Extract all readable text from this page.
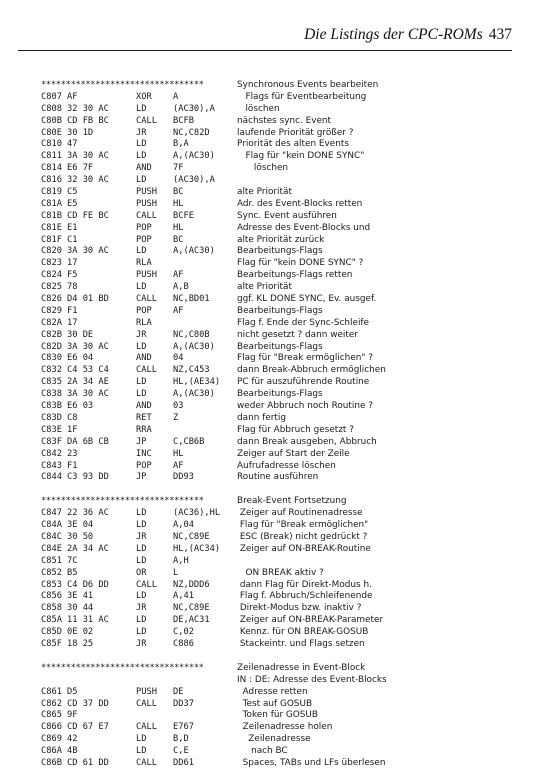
Die Listings der CPC-ROMs 437
*********************************	Synchronous Events bearbeiten
C807 AF	XOR	A	Flags für Eventbearbeitung
C808 32 30 AC	LD	(AC30),A	löschen
C80B CD FB BC	CALL	BCFB	nächstes sync. Event
C80E 30 1D	JR	NC,C82D	laufende Priorität größer ?
C810 47	LD	B,A	Priorität des alten Events
C811 3A 30 AC	LD	A,(AC30)	Flag für "kein DONE SYNC"
C814 E6 7F	AND	7F	löschen
C816 32 30 AC	LD	(AC30),A
C819 C5	PUSH	BC	alte Priorität
C81A E5	PUSH	HL	Adr. des Event-Blocks retten
C81B CD FE BC	CALL	BCFE	Sync. Event ausführen
C81E E1	POP	HL	Adresse des Event-Blocks und
C81F C1	POP	BC	alte Priorität zurück
C820 3A 30 AC	LD	A,(AC30)	Bearbeitungs-Flags
C823 17	RLA	Flag für "kein DONE SYNC" ?
C824 F5	PUSH	AF	Bearbeitungs-Flags retten
C825 78	LD	A,B	alte Priorität
C826 D4 01 BD	CALL	NC,BD01	ggf. KL DONE SYNC, Ev. ausgef.
C829 F1	POP	AF	Bearbeitungs-Flags
C82A 17	RLA	Flag f. Ende der Sync-Schleife
C82B 30 DE	JR	NC,C80B	nicht gesetzt ? dann weiter
C82D 3A 30 AC	LD	A,(AC30)	Bearbeitungs-Flags
C830 E6 04	AND	04	Flag für "Break ermöglichen" ?
C832 C4 53 C4	CALL	NZ,C453	dann Break-Abbruch ermöglichen
C835 2A 34 AE	LD	HL,(AE34)	PC für auszuführende Routine
C838 3A 30 AC	LD	A,(AC30)	Bearbeitungs-Flags
C83B E6 03	AND	03	weder Abbruch noch Routine ?
C83D C8	RET	Z	dann fertig
C83E 1F	RRA	Flag für Abbruch gesetzt ?
C83F DA 6B CB	JP	C,CB6B	dann Break ausgeben, Abbruch
C842 23	INC	HL	Zeiger auf Start der Zeile
C843 F1	POP	AF	Aufrufadresse löschen
C844 C3 93 DD	JP	DD93	Routine ausführen
*********************************	Break-Event Fortsetzung
C847 22 36 AC	LD	(AC36),HL	Zeiger auf Routinenadresse
C84A 3E 04	LD	A,04	Flag für "Break ermöglichen"
C84C 30 50	JR	NC,C89E	ESC (Break) nicht gedrückt ?
C84E 2A 34 AC	LD	HL,(AC34)	Zeiger auf ON-BREAK-Routine
C851 7C	LD	A,H
C852 B5	OR	L	ON BREAK aktiv ?
C853 C4 D6 DD	CALL	NZ,DDD6	dann Flag für Direkt-Modus h.
C856 3E 41	LD	A,41	Flag f. Abbruch/Schleifenende
C858 30 44	JR	NC,C89E	Direkt-Modus bzw. inaktiv ?
C85A 11 31 AC	LD	DE,AC31	Zeiger auf ON-BREAK-Parameter
C85D 0E 02	LD	C,02	Kennz. für ON BREAK-GOSUB
C85F 18 25	JR	C886	Stackeintr. und Flags setzen
*********************************	Zeilenadresse in Event-Block
IN : DE: Adresse des Event-Blocks
C861 D5	PUSH	DE	Adresse retten
C862 CD 37 DD	CALL	DD37	Test auf GOSUB
C865 9F	Token für GOSUB
C866 CD 67 E7	CALL	E767	Zeilenadresse holen
C869 42	LD	B,D	Zeilenadresse
C86A 4B	LD	C,E	nach BC
C86B CD 61 DD	CALL	DD61	Spaces, TABs und LFs überlesen
